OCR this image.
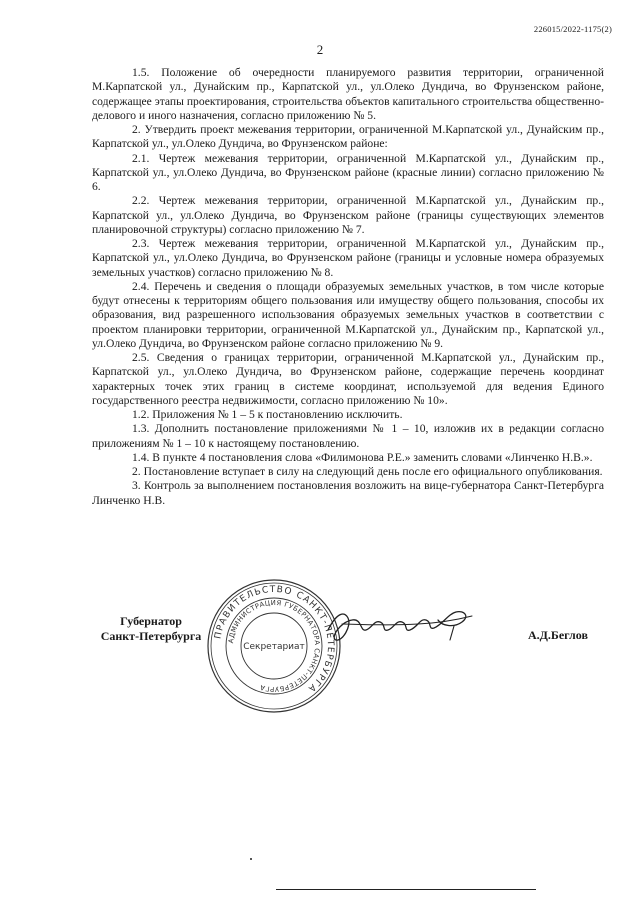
226015/2022-1175(2)
2

1.5. Положение об очередности планируемого развития территории, ограниченной М.Карпатской ул., Дунайским пр., Карпатской ул., ул.Олеко Дундича, во Фрунзенском районе, содержащее этапы проектирования, строительства объектов капитального строительства общественно-делового и иного назначения, согласно приложению № 5.

2. Утвердить проект межевания территории, ограниченной М.Карпатской ул., Дунайским пр., Карпатской ул., ул.Олеко Дундича, во Фрунзенском районе:

2.1. Чертеж межевания территории, ограниченной М.Карпатской ул., Дунайским пр., Карпатской ул., ул.Олеко Дундича, во Фрунзенском районе (красные линии) согласно приложению № 6.

2.2. Чертеж межевания территории, ограниченной М.Карпатской ул., Дунайским пр., Карпатской ул., ул.Олеко Дундича, во Фрунзенском районе (границы существующих элементов планировочной структуры) согласно приложению № 7.

2.3. Чертеж межевания территории, ограниченной М.Карпатской ул., Дунайским пр., Карпатской ул., ул.Олеко Дундича, во Фрунзенском районе (границы и условные номера образуемых земельных участков) согласно приложению № 8.

2.4. Перечень и сведения о площади образуемых земельных участков, в том числе которые будут отнесены к территориям общего пользования или имуществу общего пользования, способы их образования, вид разрешенного использования образуемых земельных участков в соответствии с проектом планировки территории, ограниченной М.Карпатской ул., Дунайским пр., Карпатской ул., ул.Олеко Дундича, во Фрунзенском районе согласно приложению № 9.

2.5. Сведения о границах территории, ограниченной М.Карпатской ул., Дунайским пр., Карпатской ул., ул.Олеко Дундича, во Фрунзенском районе, содержащие перечень координат характерных точек этих границ в системе координат, используемой для ведения Единого государственного реестра недвижимости, согласно приложению № 10».

1.2. Приложения № 1 – 5 к постановлению исключить.

1.3. Дополнить постановление приложениями № 1 – 10, изложив их в редакции согласно приложениям № 1 – 10 к настоящему постановлению.

1.4. В пункте 4 постановления слова «Филимонова Р.Е.» заменить словами «Линченко Н.В.».

2. Постановление вступает в силу на следующий день после его официального опубликования.

3. Контроль за выполнением постановления возложить на вице-губернатора Санкт-Петербурга Линченко Н.В.

Губернатор
Санкт-Петербурга	ПРАВИТЕЛЬСТВО САНКТ-ПЕТЕРБУРГА
АДМИНИСТРАЦИЯ ГУБЕРНАТОРА САНКТ-ПЕТЕРБУРГА
Секретариат
А.Д.Беглов
